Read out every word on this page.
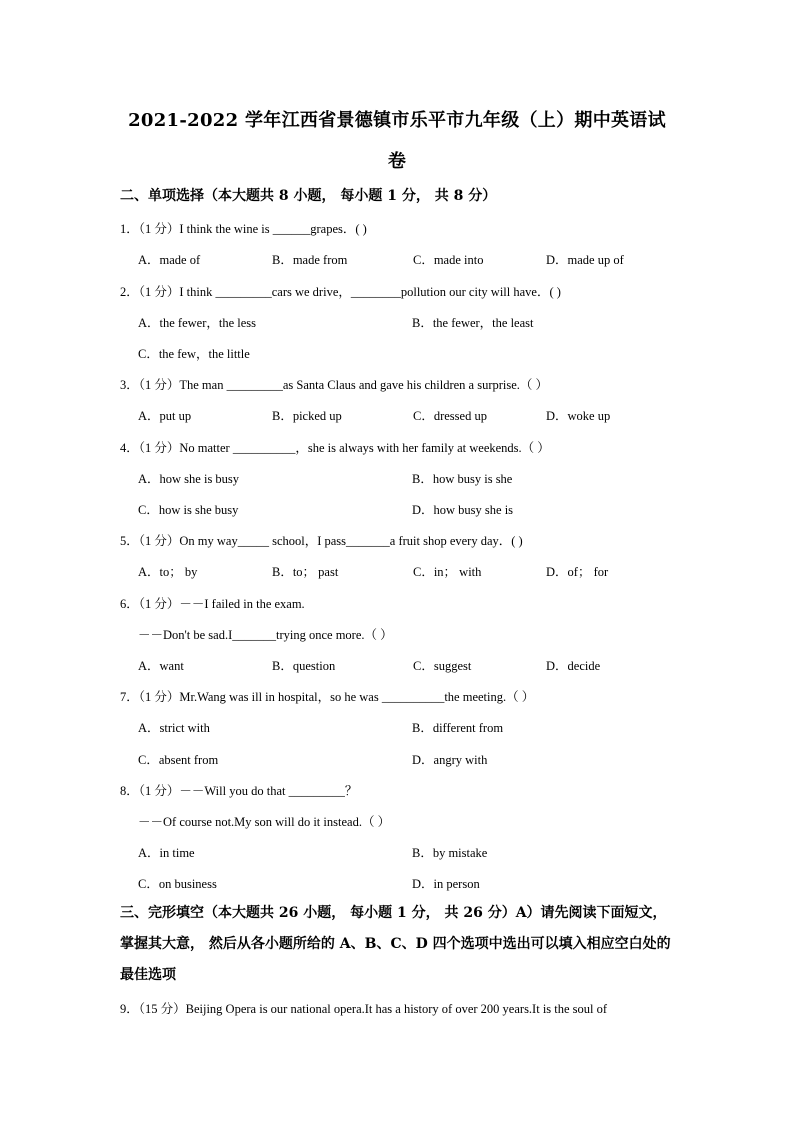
2021-2022 学年江西省景德镇市乐平市九年级（上）期中英语试
卷
二、单项选择（本大题共 8 小题， 每小题 1 分， 共 8 分）
1．（1 分）I think the wine is ______grapes．( )
A．made of	B．made from	C．made into	D．made up of
2．（1 分）I think _________cars we drive，________pollution our city will have．( )
A．the fewer，the less	B．the fewer，the least
C．the few，the little
3．（1 分）The man _________as Santa Claus and gave his children a surprise.（ ）
A．put up	B．picked up	C．dressed up	D．woke up
4．（1 分）No matter __________，she is always with her family at weekends.（ ）
A．how she is busy	B．how busy is she
C．how is she busy	D．how busy she is
5．（1 分）On my way_____ school，I pass_______a fruit shop every day．( )
A．to； by	B．to； past	C．in； with	D．of； for
6．（1 分）－－I failed in the exam.
－－Don't be sad.I_______trying once more.（ ）
A．want	B．question	C．suggest	D．decide
7．（1 分）Mr.Wang was ill in hospital，so he was __________the meeting.（ ）
A．strict with	B．different from
C．absent from	D．angry with
8．（1 分）－－Will you do that _________？
－－Of course not.My son will do it instead.（ ）
A．in time	B．by mistake
C．on business	D．in person
三、完形填空（本大题共 26 小题， 每小题 1 分， 共 26 分）A）请先阅读下面短文，
掌握其大意， 然后从各小题所给的 A、B、C、D 四个选项中选出可以填入相应空白处的
最佳选项
9．（15 分）Beijing Opera is our national opera.It has a history of over 200 years.It is the soul of
